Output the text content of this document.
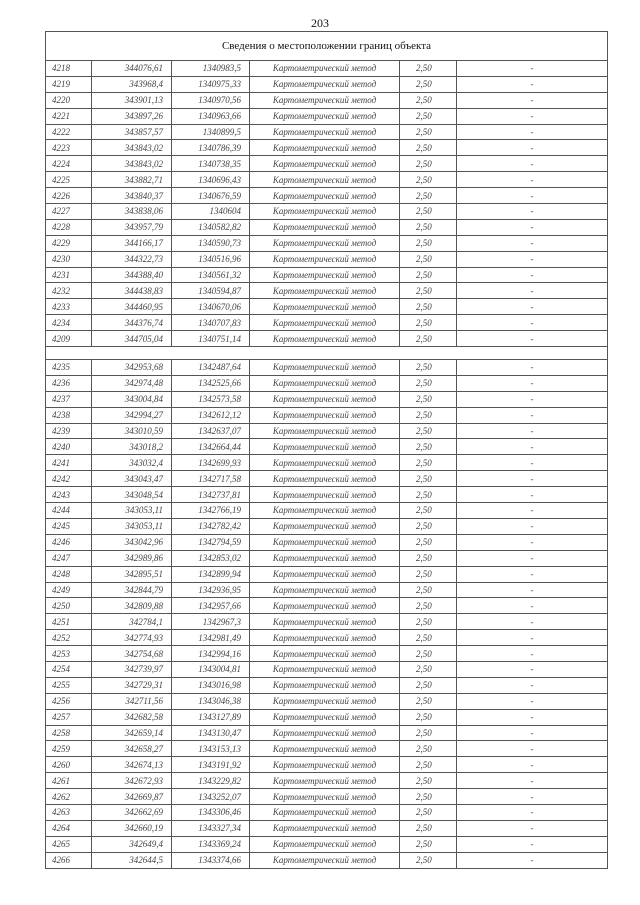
203
Сведения о местоположении границ объекта					
4218	344076,61	1340983,5	Картометрический метод	2,50	-
4219	343968,4	1340975,33	Картометрический метод	2,50	-
4220	343901,13	1340970,56	Картометрический метод	2,50	-
4221	343897,26	1340963,66	Картометрический метод	2,50	-
4222	343857,57	1340899,5	Картометрический метод	2,50	-
4223	343843,02	1340786,39	Картометрический метод	2,50	-
4224	343843,02	1340738,35	Картометрический метод	2,50	-
4225	343882,71	1340696,43	Картометрический метод	2,50	-
4226	343840,37	1340676,59	Картометрический метод	2,50	-
4227	343838,06	1340604	Картометрический метод	2,50	-
4228	343957,79	1340582,82	Картометрический метод	2,50	-
4229	344166,17	1340590,73	Картометрический метод	2,50	-
4230	344322,73	1340516,96	Картометрический метод	2,50	-
4231	344388,40	1340561,32	Картометрический метод	2,50	-
4232	344438,83	1340594,87	Картометрический метод	2,50	-
4233	344460,95	1340670,06	Картометрический метод	2,50	-
4234	344376,74	1340707,83	Картометрический метод	2,50	-
4209	344705,04	1340751,14	Картометрический метод	2,50	-

4235	342953,68	1342487,64	Картометрический метод	2,50	-
4236	342974,48	1342525,66	Картометрический метод	2,50	-
4237	343004,84	1342573,58	Картометрический метод	2,50	-
4238	342994,27	1342612,12	Картометрический метод	2,50	-
4239	343010,59	1342637,07	Картометрический метод	2,50	-
4240	343018,2	1342664,44	Картометрический метод	2,50	-
4241	343032,4	1342699,93	Картометрический метод	2,50	-
4242	343043,47	1342717,58	Картометрический метод	2,50	-
4243	343048,54	1342737,81	Картометрический метод	2,50	-
4244	343053,11	1342766,19	Картометрический метод	2,50	-
4245	343053,11	1342782,42	Картометрический метод	2,50	-
4246	343042,96	1342794,59	Картометрический метод	2,50	-
4247	342989,86	1342853,02	Картометрический метод	2,50	-
4248	342895,51	1342899,94	Картометрический метод	2,50	-
4249	342844,79	1342936,95	Картометрический метод	2,50	-
4250	342809,88	1342957,66	Картометрический метод	2,50	-
4251	342784,1	1342967,3	Картометрический метод	2,50	-
4252	342774,93	1342981,49	Картометрический метод	2,50	-
4253	342754,68	1342994,16	Картометрический метод	2,50	-
4254	342739,97	1343004,81	Картометрический метод	2,50	-
4255	342729,31	1343016,98	Картометрический метод	2,50	-
4256	342711,56	1343046,38	Картометрический метод	2,50	-
4257	342682,58	1343127,89	Картометрический метод	2,50	-
4258	342659,14	1343130,47	Картометрический метод	2,50	-
4259	342658,27	1343153,13	Картометрический метод	2,50	-
4260	342674,13	1343191,92	Картометрический метод	2,50	-
4261	342672,93	1343229,82	Картометрический метод	2,50	-
4262	342669,87	1343252,07	Картометрический метод	2,50	-
4263	342662,69	1343306,46	Картометрический метод	2,50	-
4264	342660,19	1343327,34	Картометрический метод	2,50	-
4265	342649,4	1343369,24	Картометрический метод	2,50	-
4266	342644,5	1343374,66	Картометрический метод	2,50	-
